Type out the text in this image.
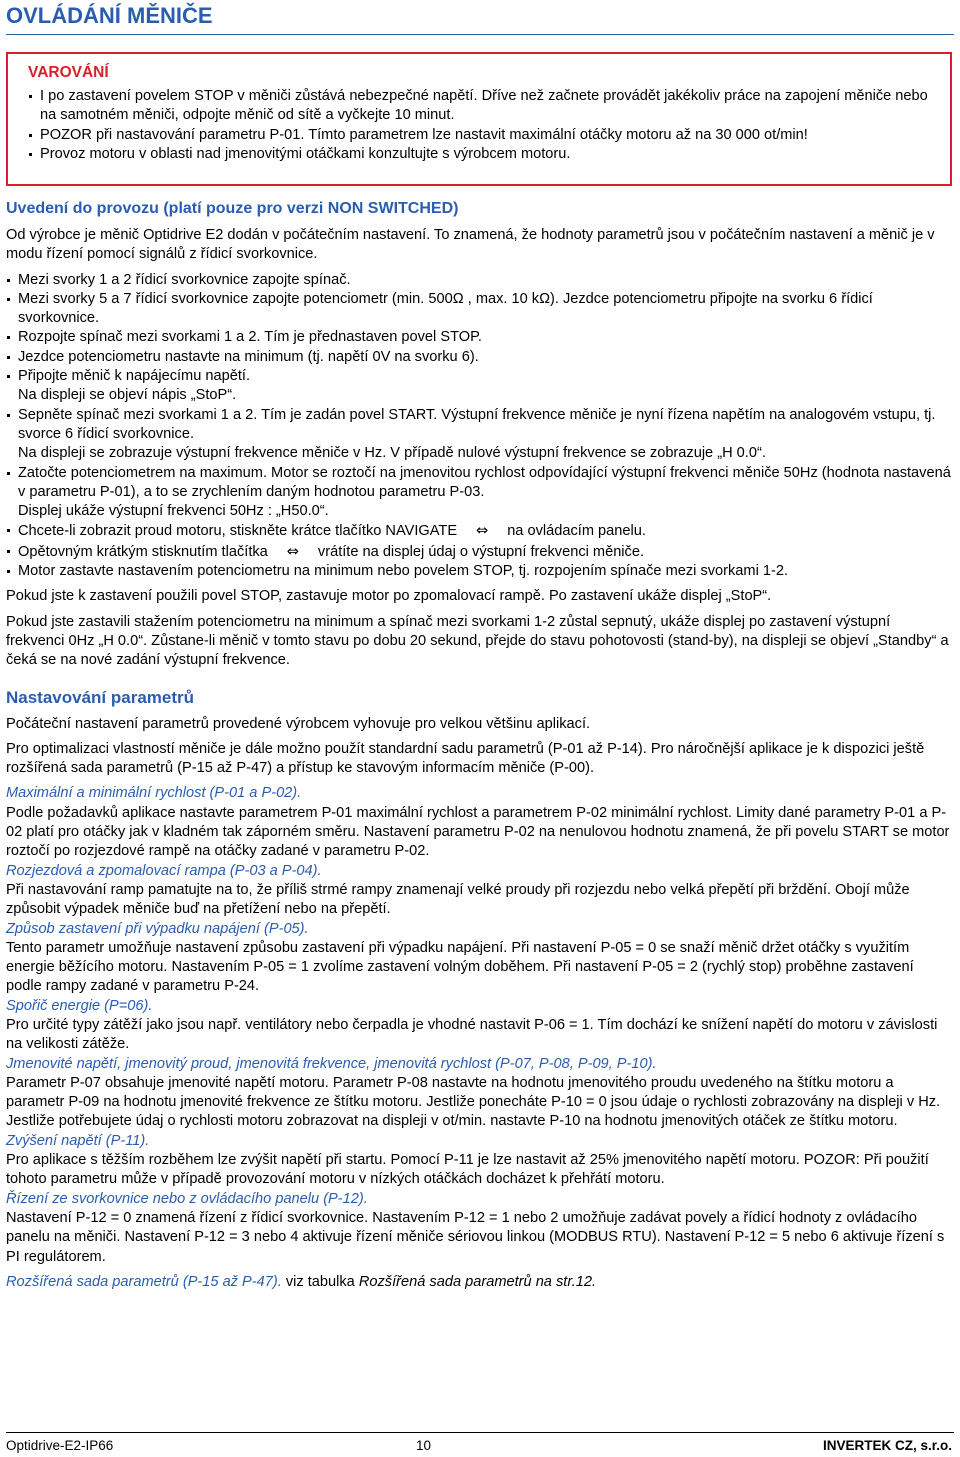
OVLÁDÁNÍ MĚNIČE
VAROVÁNÍ
I po zastavení povelem STOP v měniči zůstává nebezpečné napětí. Dříve než začnete provádět jakékoliv práce na zapojení měniče nebo na samotném měniči, odpojte měnič od sítě a vyčkejte 10 minut.
POZOR při nastavování parametru P-01. Tímto parametrem lze nastavit maximální otáčky motoru až na 30 000 ot/min!
Provoz motoru v oblasti nad jmenovitými otáčkami konzultujte s výrobcem motoru.
Uvedení do provozu (platí pouze pro verzi NON SWITCHED)

Od výrobce je měnič Optidrive E2 dodán v počátečním nastavení. To znamená, že hodnoty parametrů jsou v počátečním nastavení a měnič je v modu řízení pomocí signálů z řídicí svorkovnice.

Mezi svorky 1 a 2 řídicí svorkovnice zapojte spínač.
Mezi svorky 5 a 7 řídicí svorkovnice zapojte potenciometr (min. 500Ω , max. 10 kΩ). Jezdce potenciometru připojte na svorku 6 řídicí svorkovnice.
Rozpojte spínač mezi svorkami 1 a 2. Tím je přednastaven povel STOP.
Jezdce potenciometru nastavte na minimum (tj. napětí 0V na svorku 6).
Připojte měnič k napájecímu napětí.
Na displeji se objeví nápis „StoP“.
Sepněte spínač mezi svorkami 1 a 2. Tím je zadán povel START. Výstupní frekvence měniče je nyní řízena napětím na analogovém vstupu, tj. svorce 6 řídicí svorkovnice.
Na displeji se zobrazuje výstupní frekvence měniče v Hz. V případě nulové výstupní frekvence se zobrazuje „H 0.0“.
Zatočte potenciometrem na maximum. Motor se roztočí na jmenovitou rychlost odpovídající výstupní frekvenci měniče 50Hz (hodnota nastavená v parametru P-01), a to se zrychlením daným hodnotou parametru P-03.
Displej ukáže výstupní frekvenci 50Hz : „H50.0“.
Chcete-li zobrazit proud motoru, stiskněte krátce tlačítko NAVIGATE ⇔ na ovládacím panelu.
Opětovným krátkým stisknutím tlačítka ⇔ vrátíte na displej údaj o výstupní frekvenci měniče.
Motor zastavte nastavením potenciometru na minimum nebo povelem STOP, tj. rozpojením spínače mezi svorkami 1-2.

Pokud jste k zastavení použili povel STOP, zastavuje motor po zpomalovací rampě. Po zastavení ukáže displej „StoP“.

Pokud jste zastavili stažením potenciometru na minimum a spínač mezi svorkami 1-2 zůstal sepnutý, ukáže displej po zastavení výstupní frekvenci 0Hz „H 0.0“. Zůstane-li měnič v tomto stavu po dobu 20 sekund, přejde do stavu pohotovosti (stand-by), na displeji se objeví „Standby“ a čeká se na nové zadání výstupní frekvence.

Nastavování parametrů

Počáteční nastavení parametrů provedené výrobcem vyhovuje pro velkou většinu aplikací.

Pro optimalizaci vlastností měniče je dále možno použít standardní sadu parametrů (P-01 až P-14). Pro náročnější aplikace je k dispozici ještě rozšířená sada parametrů (P-15 až P-47) a přístup ke stavovým informacím měniče (P-00).

Maximální a minimální rychlost (P-01 a P-02).

Podle požadavků aplikace nastavte parametrem P-01 maximální rychlost a parametrem P-02 minimální rychlost. Limity dané parametry P-01 a P-02 platí pro otáčky jak v kladném tak záporném směru. Nastavení parametru P-02 na nenulovou hodnotu znamená, že při povelu START se motor roztočí po rozjezdové rampě na otáčky zadané v parametru P-02.

Rozjezdová a zpomalovací rampa (P-03 a P-04).

Při nastavování ramp pamatujte na to, že příliš strmé rampy znamenají velké proudy při rozjezdu nebo velká přepětí při brždění. Obojí může způsobit výpadek měniče buď na přetížení nebo na přepětí.

Způsob zastavení při výpadku napájení (P-05).

Tento parametr umožňuje nastavení způsobu zastavení při výpadku napájení. Při nastavení P-05 = 0 se snaží měnič držet otáčky s využitím energie běžícího motoru. Nastavením P-05 = 1 zvolíme zastavení volným doběhem. Při nastavení P-05 = 2 (rychlý stop) proběhne zastavení podle rampy zadané v parametru P-24.

Spořič energie (P=06).

Pro určité typy zátěží jako jsou např. ventilátory nebo čerpadla je vhodné nastavit P-06 = 1. Tím dochází ke snížení napětí do motoru v závislosti na velikosti zátěže.

Jmenovité napětí, jmenovitý proud, jmenovitá frekvence, jmenovitá rychlost (P-07, P-08, P-09, P-10).

Parametr P-07 obsahuje jmenovité napětí motoru. Parametr P-08 nastavte na hodnotu jmenovitého proudu uvedeného na štítku motoru a parametr P-09 na hodnotu jmenovité frekvence ze štítku motoru. Jestliže ponecháte P-10 = 0 jsou údaje o rychlosti zobrazovány na displeji v Hz. Jestliže potřebujete údaj o rychlosti motoru zobrazovat na displeji v ot/min. nastavte P-10 na hodnotu jmenovitých otáček ze štítku motoru.

Zvýšení napětí (P-11).

Pro aplikace s těžším rozběhem lze zvýšit napětí při startu. Pomocí P-11 je lze nastavit až 25% jmenovitého napětí motoru. POZOR: Při použití tohoto parametru může v případě provozování motoru v nízkých otáčkách docházet k přehřátí motoru.

Řízení ze svorkovnice nebo z ovládacího panelu (P-12).

Nastavení P-12 = 0 znamená řízení z řídicí svorkovnice. Nastavením P-12 = 1 nebo 2 umožňuje zadávat povely a řídicí hodnoty z ovládacího panelu na měniči. Nastavení P-12 = 3 nebo 4 aktivuje řízení měniče sériovou linkou (MODBUS RTU). Nastavení P-12 = 5 nebo 6 aktivuje řízení s PI regulátorem.

Rozšířená sada parametrů (P-15 až P-47). viz tabulka Rozšířená sada parametrů na str.12.

Optidrive-E2-IP66	10	INVERTEK CZ, s.r.o.
